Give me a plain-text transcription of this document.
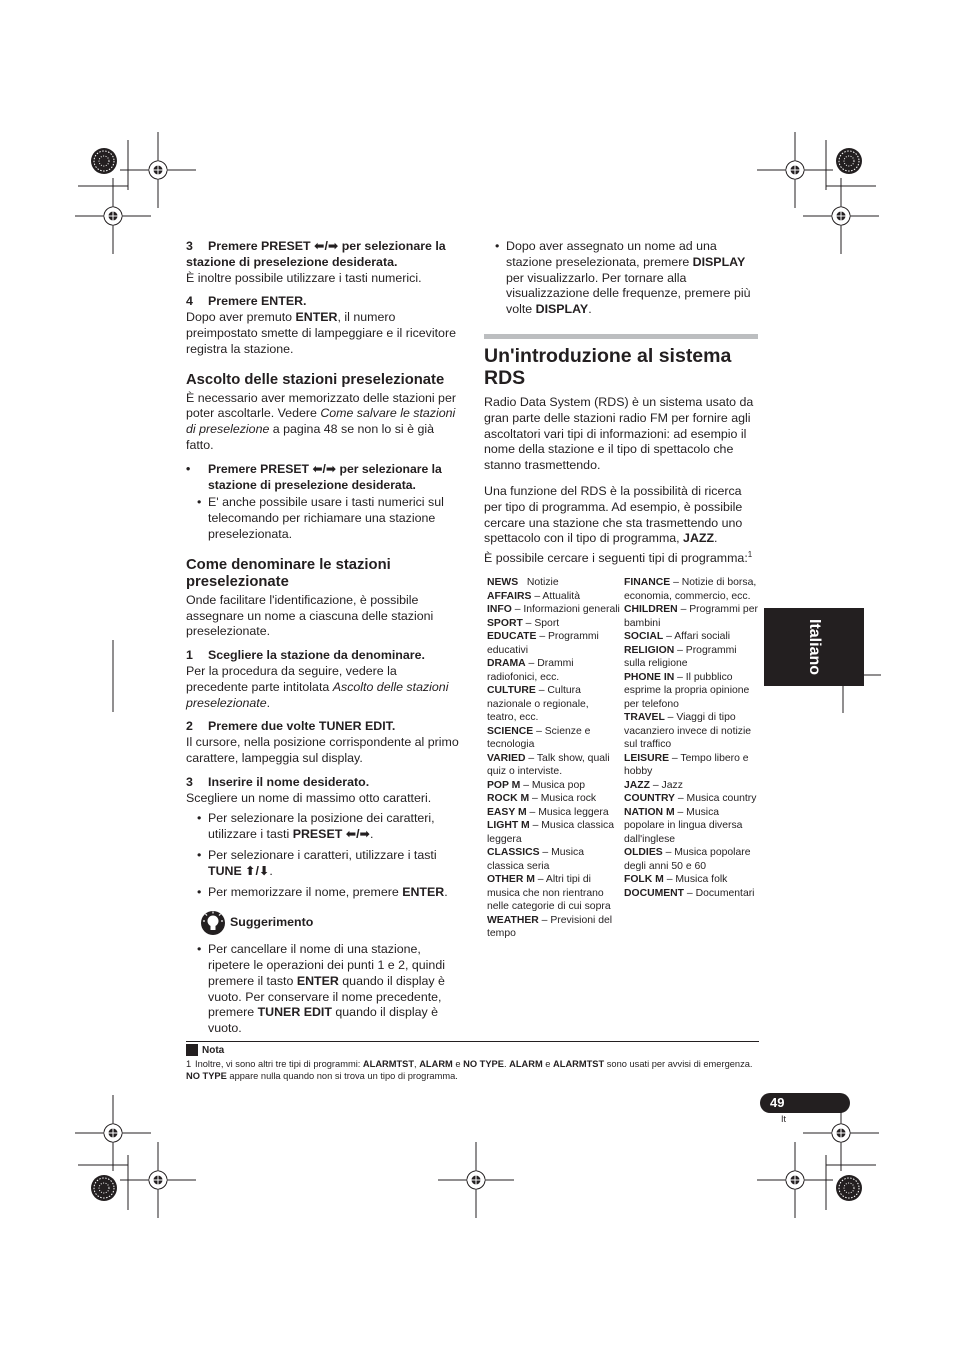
3 Premere PRESET ⬅/➡ per selezionare la stazione di preselezione desiderata.

È inoltre possibile utilizzare i tasti numerici.

4 Premere ENTER.

Dopo aver premuto ENTER, il numero preimpostato smette di lampeggiare e il ricevitore registra la stazione.

Ascolto delle stazioni preselezionate

È necessario aver memorizzato delle stazioni per poter ascoltarle. Vedere Come salvare le stazioni di preselezione a pagina 48 se non lo si è già fatto.

• Premere PRESET ⬅/➡ per selezionare la stazione di preselezione desiderata.

• E' anche possibile usare i tasti numerici sul telecomando per richiamare una stazione preselezionata.

Come denominare le stazioni preselezionate

Onde facilitare l'identificazione, è possibile assegnare un nome a ciascuna delle stazioni preselezionate.

1 Scegliere la stazione da denominare.

Per la procedura da seguire, vedere la precedente parte intitolata Ascolto delle stazioni preselezionate.

2 Premere due volte TUNER EDIT.

Il cursore, nella posizione corrispondente al primo carattere, lampeggia sul display.

3 Inserire il nome desiderato.

Scegliere un nome di massimo otto caratteri.

• Per selezionare la posizione dei caratteri, utilizzare i tasti PRESET ⬅/➡.

• Per selezionare i caratteri, utilizzare i tasti TUNE ⬆/⬇.

• Per memorizzare il nome, premere ENTER.

Suggerimento

• Per cancellare il nome di una stazione, ripetere le operazioni dei punti 1 e 2, quindi premere il tasto ENTER quando il display è vuoto. Per conservare il nome precedente, premere TUNER EDIT quando il display è vuoto.

• Dopo aver assegnato un nome ad una stazione preselezionata, premere DISPLAY per visualizzarlo. Per tornare alla visualizzazione delle frequenze, premere più volte DISPLAY.

Un'introduzione al sistema RDS

Radio Data System (RDS) è un sistema usato da gran parte delle stazioni radio FM per fornire agli ascoltatori vari tipi di informazioni: ad esempio il nome della stazione e il tipo di spettacolo che stanno trasmettendo.

Una funzione del RDS è la possibilità di ricerca per tipo di programma. Ad esempio, è possibile cercare una stazione che sta trasmettendo uno spettacolo con il tipo di programma, JAZZ.

È possibile cercare i seguenti tipi di programma:$^1$

NEWS   Notizie

AFFAIRS – Attualità

INFO – Informazioni generali

SPORT – Sport

EDUCATE – Programmi educativi

DRAMA – Drammi radiofonici, ecc.

CULTURE – Cultura nazionale o regionale, teatro, ecc.

SCIENCE – Scienze e tecnologia

VARIED – Talk show, quali quiz o interviste.

POP M – Musica pop

ROCK M – Musica rock

EASY M – Musica leggera

LIGHT M – Musica classica leggera

CLASSICS – Musica classica seria

OTHER M – Altri tipi di musica che non rientrano nelle categorie di cui sopra

WEATHER – Previsioni del tempo

FINANCE – Notizie di borsa, economia, commercio, ecc.

CHILDREN – Programmi per bambini

SOCIAL – Affari sociali

RELIGION – Programmi sulla religione

PHONE IN – Il pubblico esprime la propria opinione per telefono

TRAVEL – Viaggi di tipo vacanziero invece di notizie sul traffico

LEISURE – Tempo libero e hobby

JAZZ – Jazz

COUNTRY – Musica country

NATION M – Musica popolare in lingua diversa dall'inglese

OLDIES – Musica popolare degli anni 50 e 60

FOLK M – Musica folk

DOCUMENT – Documentari

Italiano
Nota
1 Inoltre, vi sono altri tre tipi di programmi: ALARMTST, ALARM e NO TYPE. ALARM e ALARMTST sono usati per avvisi di emergenza. NO TYPE appare nulla quando non si trova un tipo di programma.
49
It
